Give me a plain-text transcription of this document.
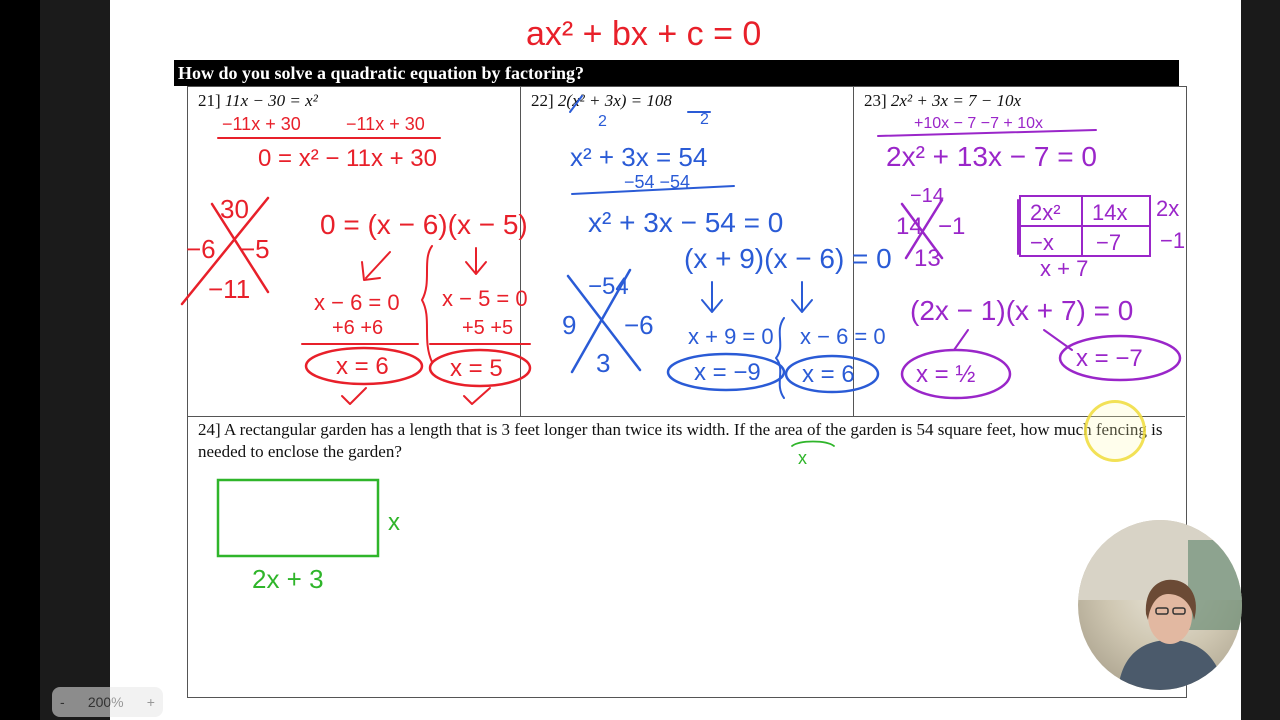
How do you solve a quadratic equation by factoring?
21] 11x − 30 = x²	22] 2(x² + 3x) = 108	23] 2x² + 3x = 7 − 10x
24] A rectangular garden has a length that is 3 feet longer than twice its width. If the area of the garden is 54 square feet, how much fencing is needed to enclose the garden?
ax² + bx + c = 0
−11x + 30	−11x + 30
0 = x² − 11x + 30
30
−6 −5
−11
0 = (x − 6)(x − 5)
x − 6 = 0
+6 +6
x = 6
x − 5 = 0
+5 +5
x = 5
2	2
x² + 3x = 54
−54 −54
x² + 3x − 54 = 0
−54
9 −6
3
(x + 9)(x − 6) = 0
x + 9 = 0
x = −9
x − 6 = 0
x = 6
+10x − 7 −7 + 10x
2x² + 13x − 7 = 0
−14
14 −1
13
2x² 14x
−x −7
2x
−1
x + 7
(2x − 1)(x + 7) = 0
x = ½
x = −7
x
x
2x + 3
- 200% +
